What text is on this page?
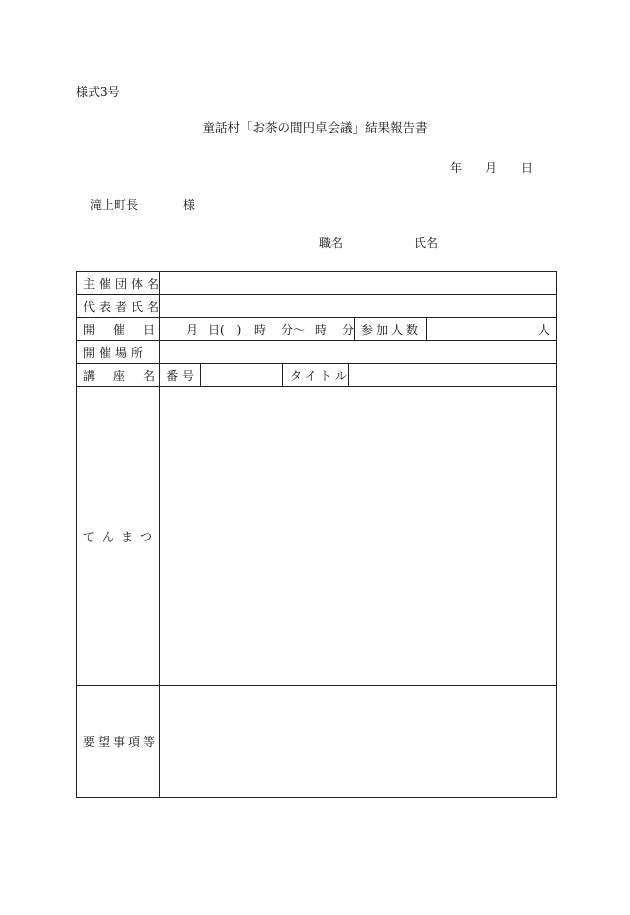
様式3号
童話村「お茶の間円卓会議」結果報告書
年 月 日
滝上町長	様
職名	氏名
主催団体名
代表者氏名
開 催 日	月 日(　) 時 分〜 時 分 参加人数	人
開催場所
講 座 名 番号	タイトル
てんまつ
要望事項等
